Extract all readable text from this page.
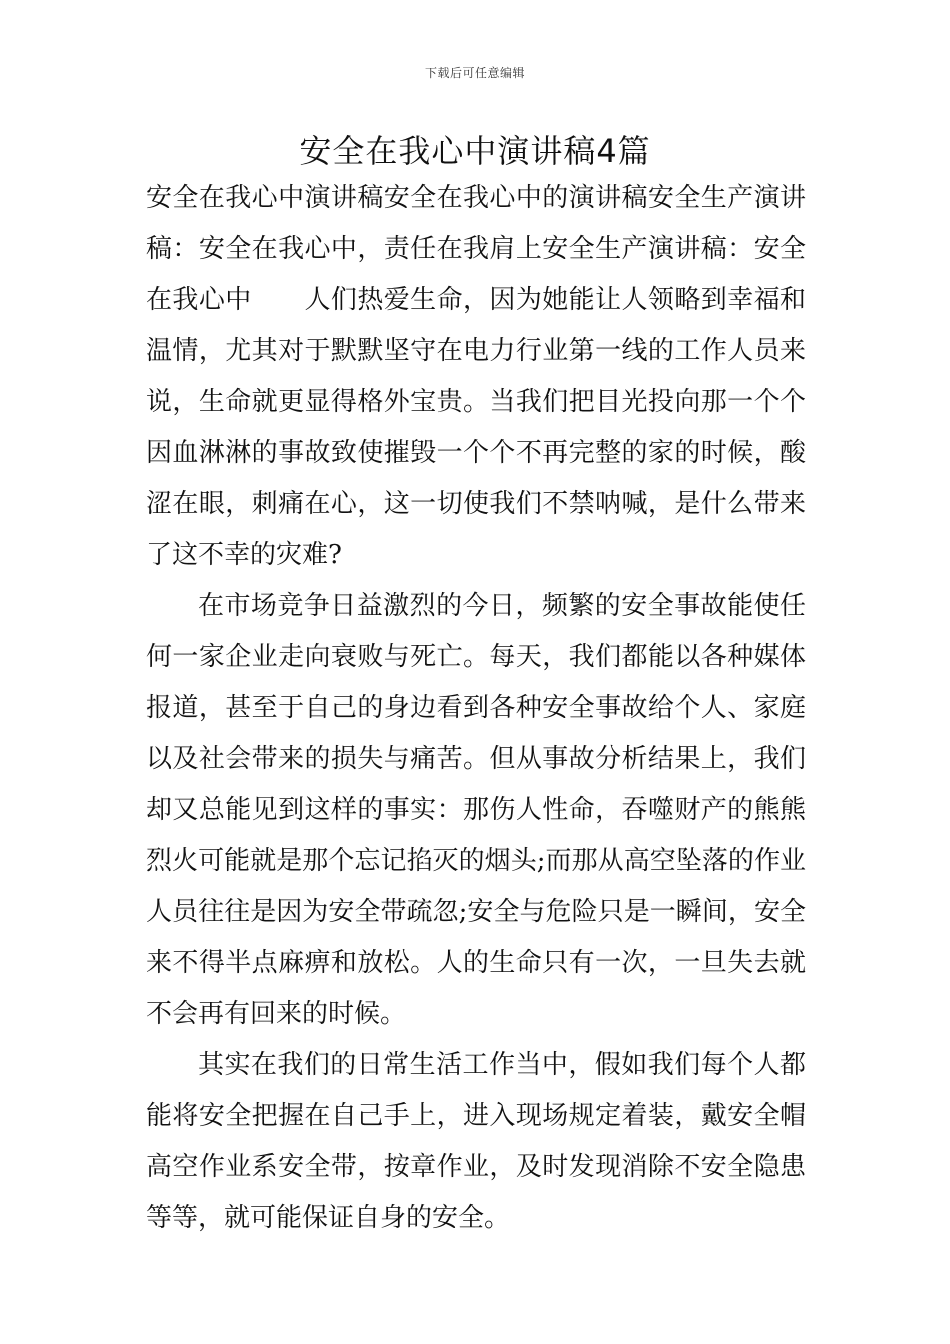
下载后可任意编辑
安全在我心中演讲稿4篇

安全在我心中演讲稿安全在我心中的演讲稿安全生产演讲稿：安全在我心中，责任在我肩上安全生产演讲稿：安全在我心中　　人们热爱生命，因为她能让人领略到幸福和温情，尤其对于默默坚守在电力行业第一线的工作人员来说，生命就更显得格外宝贵。当我们把目光投向那一个个因血淋淋的事故致使摧毁一个个不再完整的家的时候，酸涩在眼，刺痛在心，这一切使我们不禁呐喊，是什么带来了这不幸的灾难?

在市场竞争日益激烈的今日，频繁的安全事故能使任何一家企业走向衰败与死亡。每天，我们都能以各种媒体报道，甚至于自己的身边看到各种安全事故给个人、家庭以及社会带来的损失与痛苦。但从事故分析结果上，我们却又总能见到这样的事实：那伤人性命，吞噬财产的熊熊烈火可能就是那个忘记掐灭的烟头;而那从高空坠落的作业人员往往是因为安全带疏忽;安全与危险只是一瞬间，安全来不得半点麻痹和放松。人的生命只有一次，一旦失去就不会再有回来的时候。

其实在我们的日常生活工作当中，假如我们每个人都能将安全把握在自己手上，进入现场规定着装，戴安全帽高空作业系安全带，按章作业，及时发现消除不安全隐患等等，就可能保证自身的安全。
